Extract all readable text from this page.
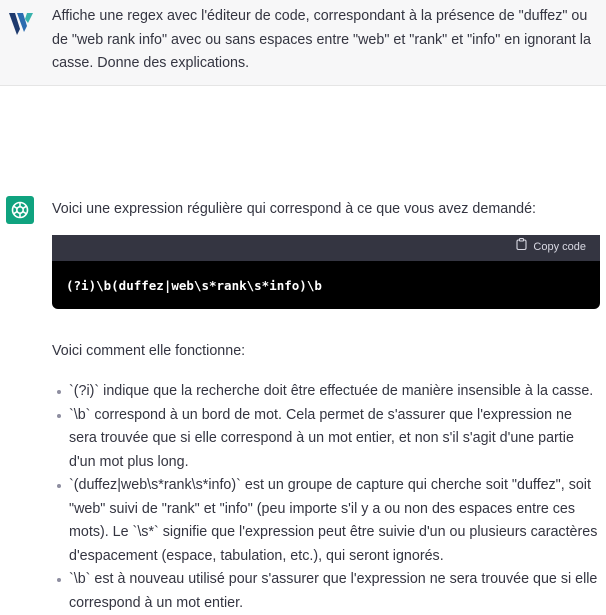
Affiche une regex avec l'éditeur de code, correspondant à la présence de "duffez" ou de "web rank info" avec ou sans espaces entre "web" et "rank" et "info" en ignorant la casse. Donne des explications.
Voici une expression régulière qui correspond à ce que vous avez demandé:
Copy code
(?i)\b(duffez|web\s*rank\s*info)\b
Voici comment elle fonctionne:
`(?i)` indique que la recherche doit être effectuée de manière insensible à la casse.
`\b` correspond à un bord de mot. Cela permet de s'assurer que l'expression ne sera trouvée que si elle correspond à un mot entier, et non s'il s'agit d'une partie d'un mot plus long.
`(duffez|web\s*rank\s*info)` est un groupe de capture qui cherche soit "duffez", soit "web" suivi de "rank" et "info" (peu importe s'il y a ou non des espaces entre ces mots). Le `\s*` signifie que l'expression peut être suivie d'un ou plusieurs caractères d'espacement (espace, tabulation, etc.), qui seront ignorés.
`\b` est à nouveau utilisé pour s'assurer que l'expression ne sera trouvée que si elle correspond à un mot entier.
